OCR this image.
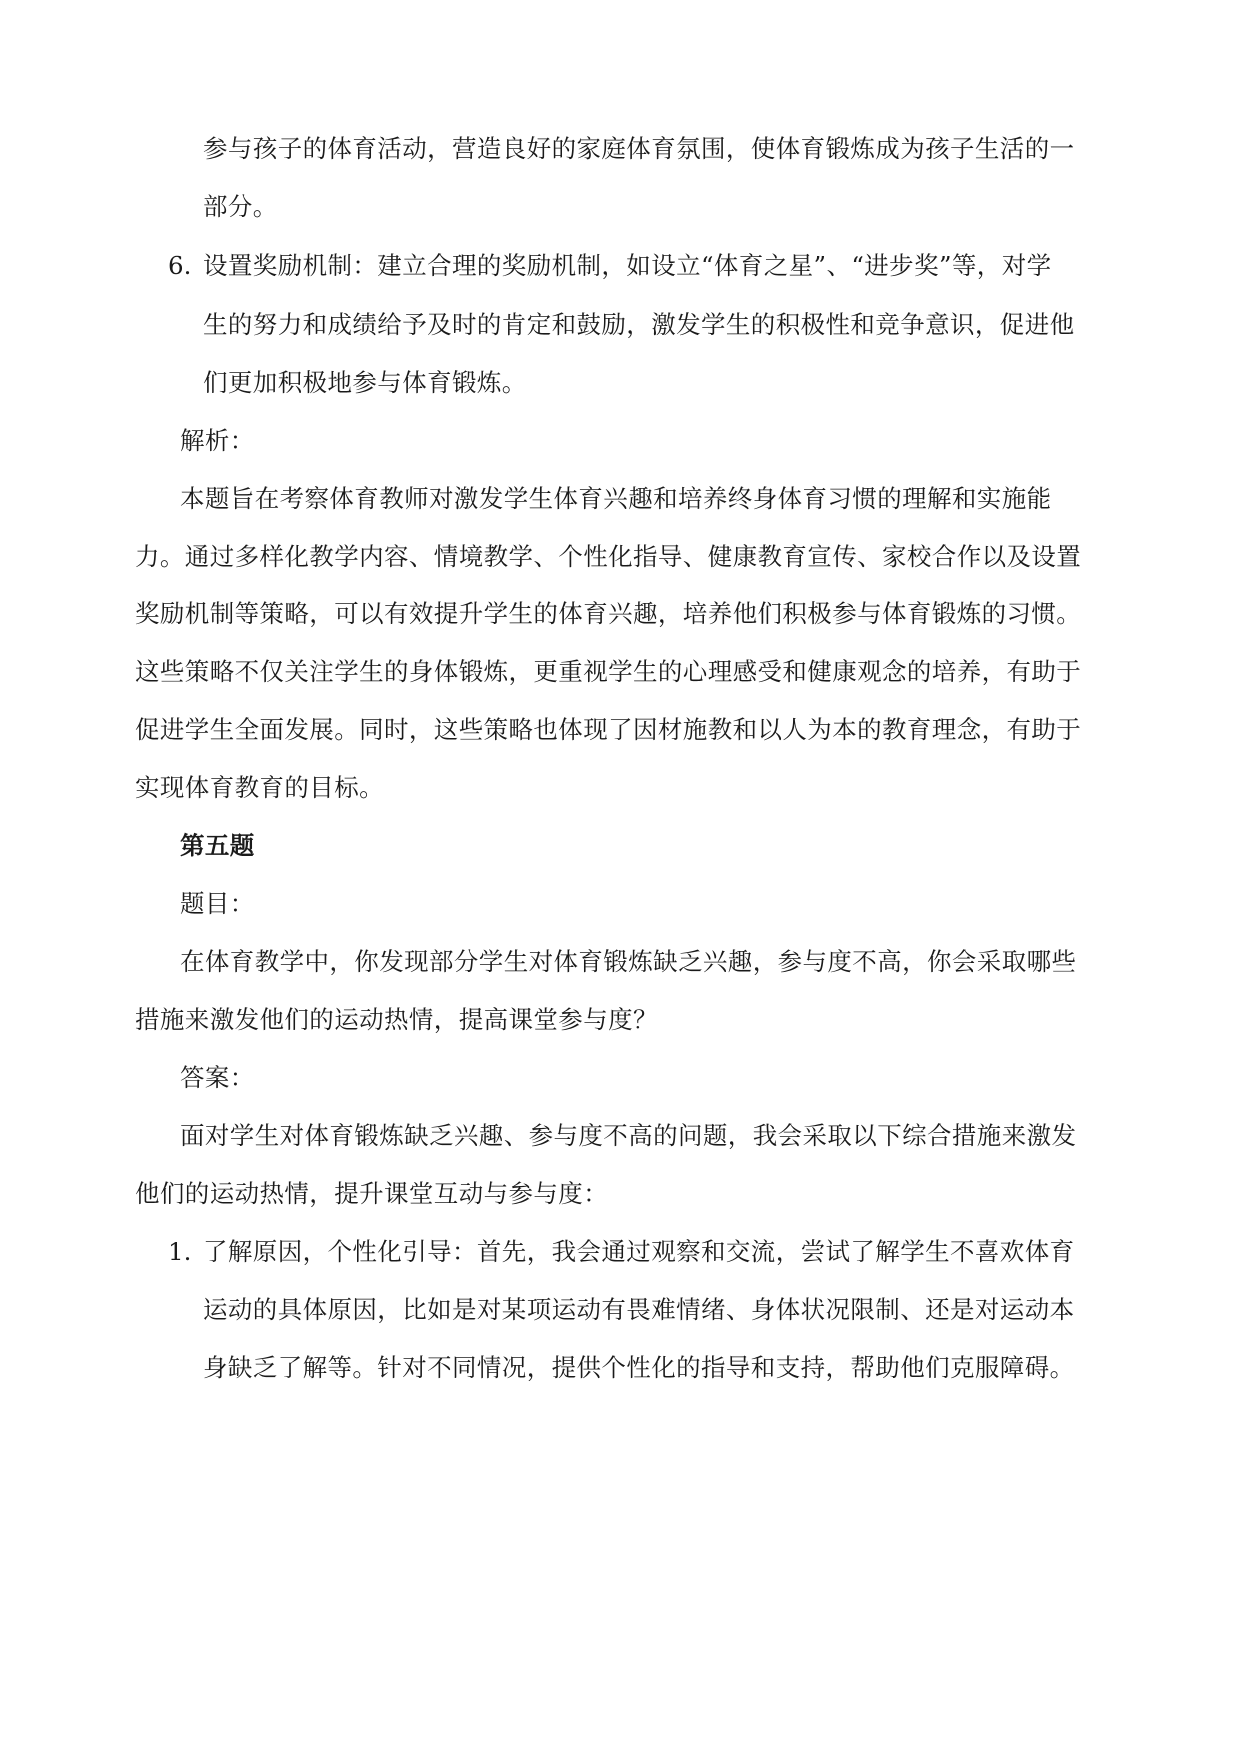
参与孩子的体育活动，营造良好的家庭体育氛围，使体育锻炼成为孩子生活的一
部分。
6. 设置奖励机制：建立合理的奖励机制，如设立“体育之星”、“进步奖”等，对学
生的努力和成绩给予及时的肯定和鼓励，激发学生的积极性和竞争意识，促进他
们更加积极地参与体育锻炼。
解析：
本题旨在考察体育教师对激发学生体育兴趣和培养终身体育习惯的理解和实施能
力。通过多样化教学内容、情境教学、个性化指导、健康教育宣传、家校合作以及设置
奖励机制等策略，可以有效提升学生的体育兴趣，培养他们积极参与体育锻炼的习惯。
这些策略不仅关注学生的身体锻炼，更重视学生的心理感受和健康观念的培养，有助于
促进学生全面发展。同时，这些策略也体现了因材施教和以人为本的教育理念，有助于
实现体育教育的目标。
第五题
题目：
在体育教学中，你发现部分学生对体育锻炼缺乏兴趣，参与度不高，你会采取哪些
措施来激发他们的运动热情，提高课堂参与度？
答案：
面对学生对体育锻炼缺乏兴趣、参与度不高的问题，我会采取以下综合措施来激发
他们的运动热情，提升课堂互动与参与度：
1. 了解原因，个性化引导：首先，我会通过观察和交流，尝试了解学生不喜欢体育
运动的具体原因，比如是对某项运动有畏难情绪、身体状况限制、还是对运动本
身缺乏了解等。针对不同情况，提供个性化的指导和支持，帮助他们克服障碍。
